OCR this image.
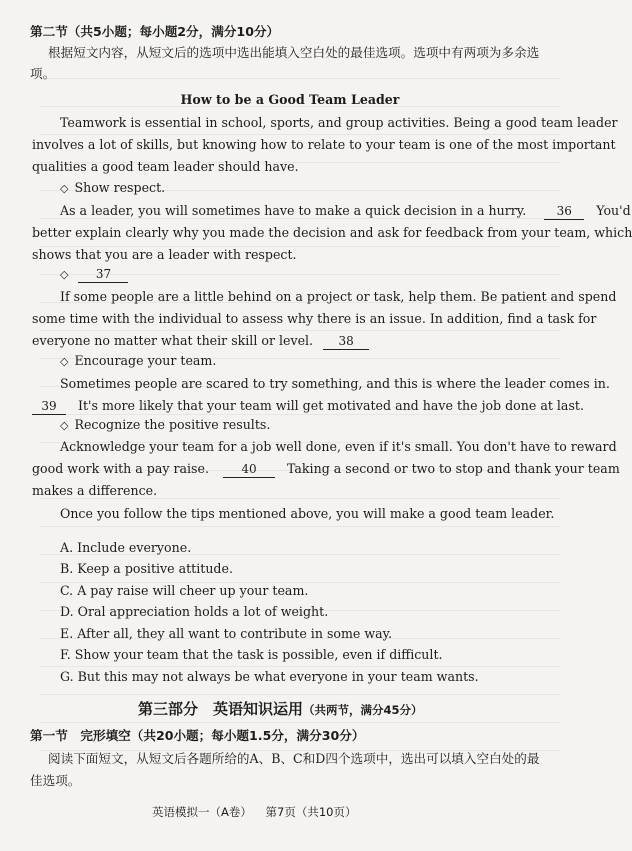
第二节（共5小题；每小题2分，满分10分）
根据短文内容，从短文后的选项中选出能填入空白处的最佳选项。选项中有两项为多余选
项。
How to be a Good Team Leader
Teamwork is essential in school, sports, and group activities. Being a good team leader
involves a lot of skills, but knowing how to relate to your team is one of the most important
qualities a good team leader should have.
◇ Show respect.
As a leader, you will sometimes have to make a quick decision in a hurry.	36 You'd
better explain clearly why you made the decision and ask for feedback from your team, which
shows that you are a leader with respect.
◇ 37
If some people are a little behind on a project or task, help them. Be patient and spend
some time with the individual to assess why there is an issue. In addition, find a task for
everyone no matter what their skill or level. 38
◇ Encourage your team.
Sometimes people are scared to try something, and this is where the leader comes in.
39 It's more likely that your team will get motivated and have the job done at last.
◇ Recognize the positive results.
Acknowledge your team for a job well done, even if it's small. You don't have to reward
good work with a pay raise.	40 Taking a second or two to stop and thank your team
makes a difference.
Once you follow the tips mentioned above, you will make a good team leader.
A. Include everyone.
B. Keep a positive attitude.
C. A pay raise will cheer up your team.
D. Oral appreciation holds a lot of weight.
E. After all, they all want to contribute in some way.
F. Show your team that the task is possible, even if difficult.
G. But this may not always be what everyone in your team wants.
第三部分　英语知识运用（共两节，满分45分）
第一节　完形填空（共20小题；每小题1.5分，满分30分）
阅读下面短文，从短文后各题所给的A、B、C和D四个选项中，选出可以填入空白处的最
佳选项。
英语模拟一（A卷） 第7页（共10页）
